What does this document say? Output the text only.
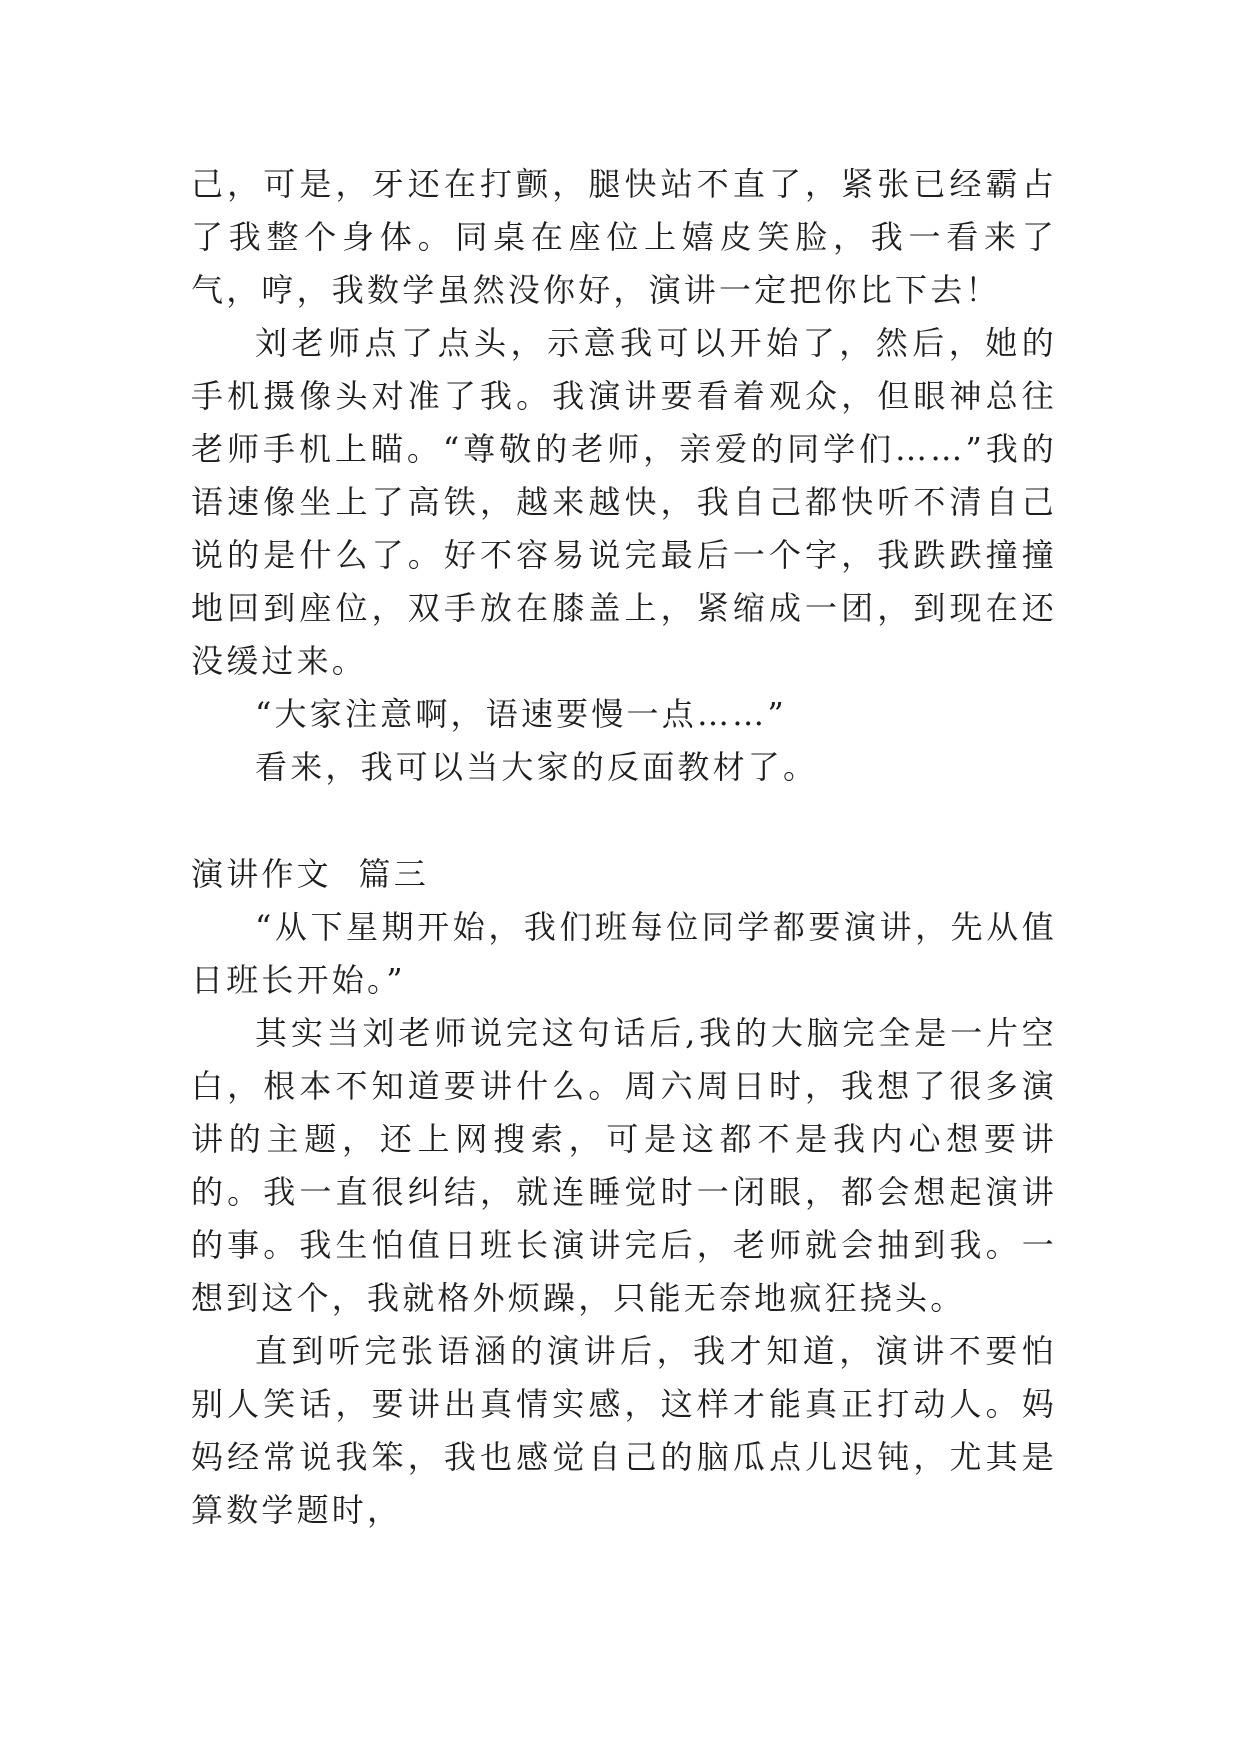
己，可是，牙还在打颤，腿快站不直了，紧张已经霸占了我整个身体。同桌在座位上嬉皮笑脸，我一看来了气，哼，我数学虽然没你好，演讲一定把你比下去！

刘老师点了点头，示意我可以开始了，然后，她的手机摄像头对准了我。我演讲要看着观众，但眼神总往老师手机上瞄。“尊敬的老师，亲爱的同学们……”我的语速像坐上了高铁，越来越快，我自己都快听不清自己说的是什么了。好不容易说完最后一个字，我跌跌撞撞地回到座位，双手放在膝盖上，紧缩成一团，到现在还没缓过来。

“大家注意啊，语速要慢一点……”

看来，我可以当大家的反面教材了。

演讲作文  篇三

“从下星期开始，我们班每位同学都要演讲，先从值日班长开始。”

其实当刘老师说完这句话后,我的大脑完全是一片空白，根本不知道要讲什么。周六周日时，我想了很多演讲的主题，还上网搜索，可是这都不是我内心想要讲的。我一直很纠结，就连睡觉时一闭眼，都会想起演讲的事。我生怕值日班长演讲完后，老师就会抽到我。一想到这个，我就格外烦躁，只能无奈地疯狂挠头。

直到听完张语涵的演讲后，我才知道，演讲不要怕别人笑话，要讲出真情实感，这样才能真正打动人。妈妈经常说我笨，我也感觉自己的脑瓜点儿迟钝，尤其是算数学题时，
